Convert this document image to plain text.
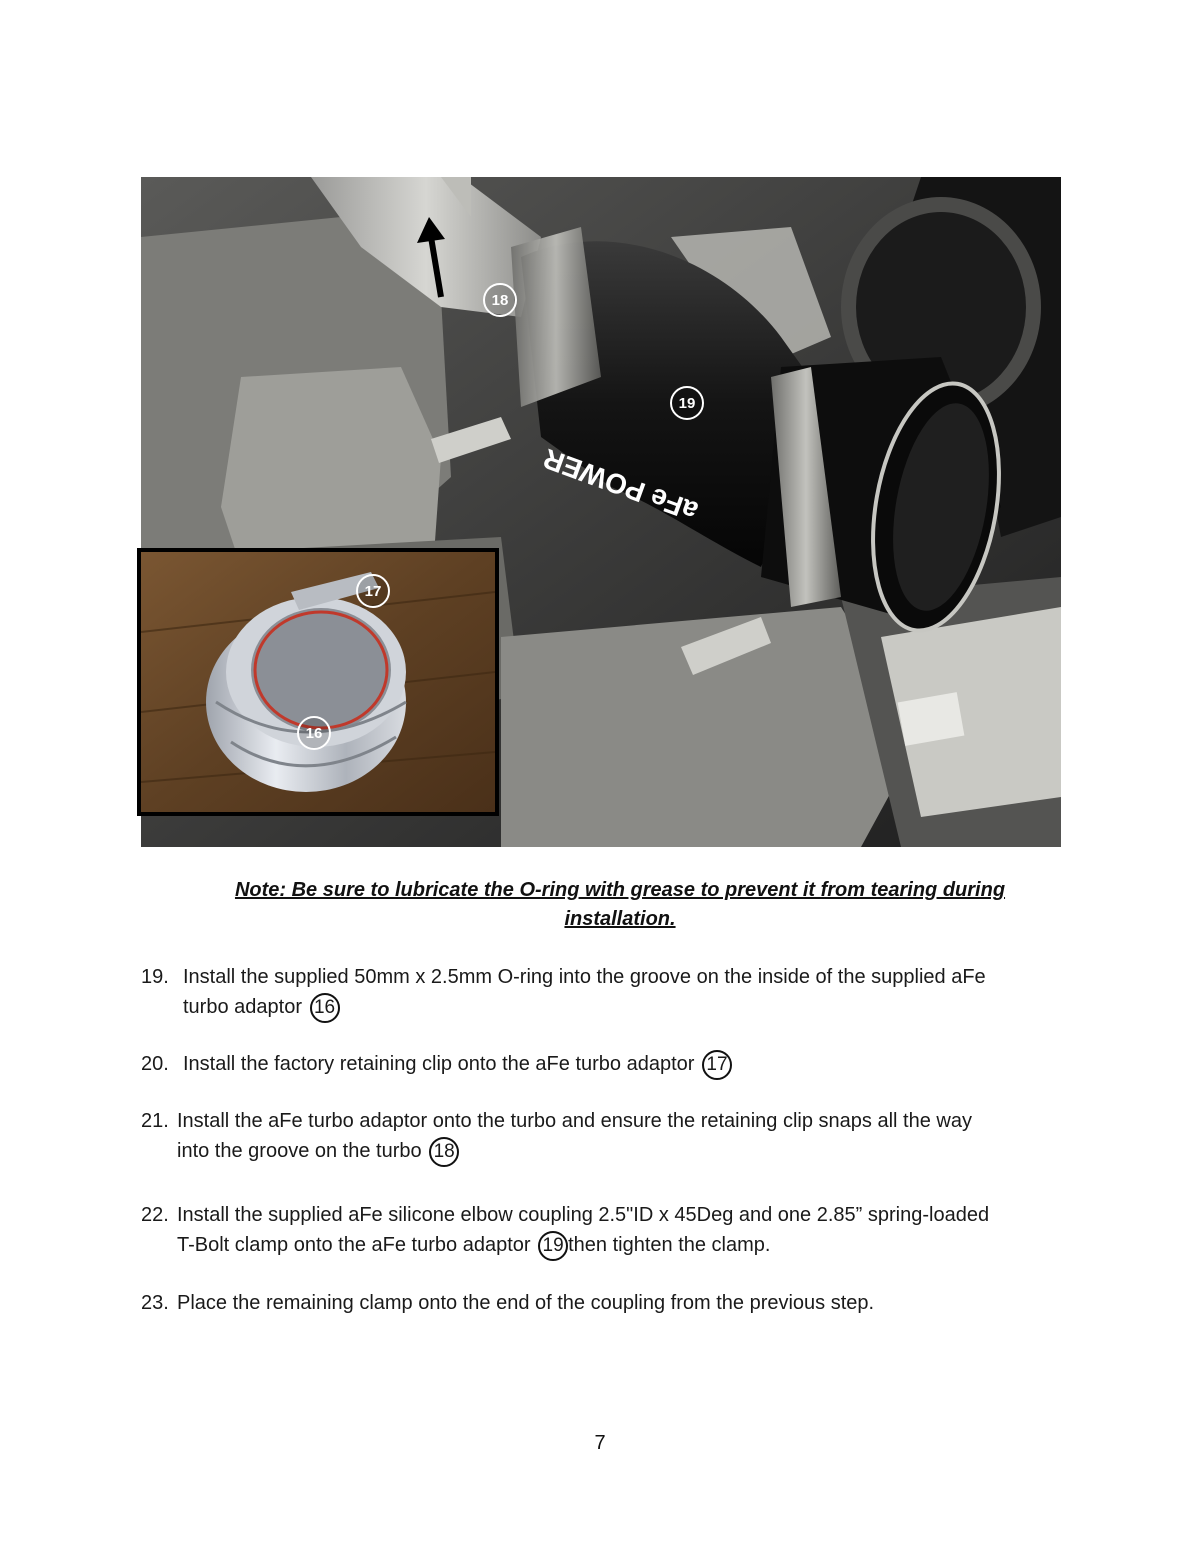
aFe POWER
18
19
17
16
Note: Be sure to lubricate the O-ring with grease to prevent it from tearing during installation.
19. Install the supplied 50mm x 2.5mm O-ring into the groove on the inside of the supplied aFe
turbo adaptor 16
20. Install the factory retaining clip onto the aFe turbo adaptor 17
21. Install the aFe turbo adaptor onto the turbo and ensure the retaining clip snaps all the way
into the groove on the turbo 18
22. Install the supplied aFe silicone elbow coupling 2.5"ID x 45Deg and one 2.85” spring-loaded
T-Bolt clamp onto the aFe turbo adaptor 19 then tighten the clamp.
23. Place the remaining clamp onto the end of the coupling from the previous step.
7
